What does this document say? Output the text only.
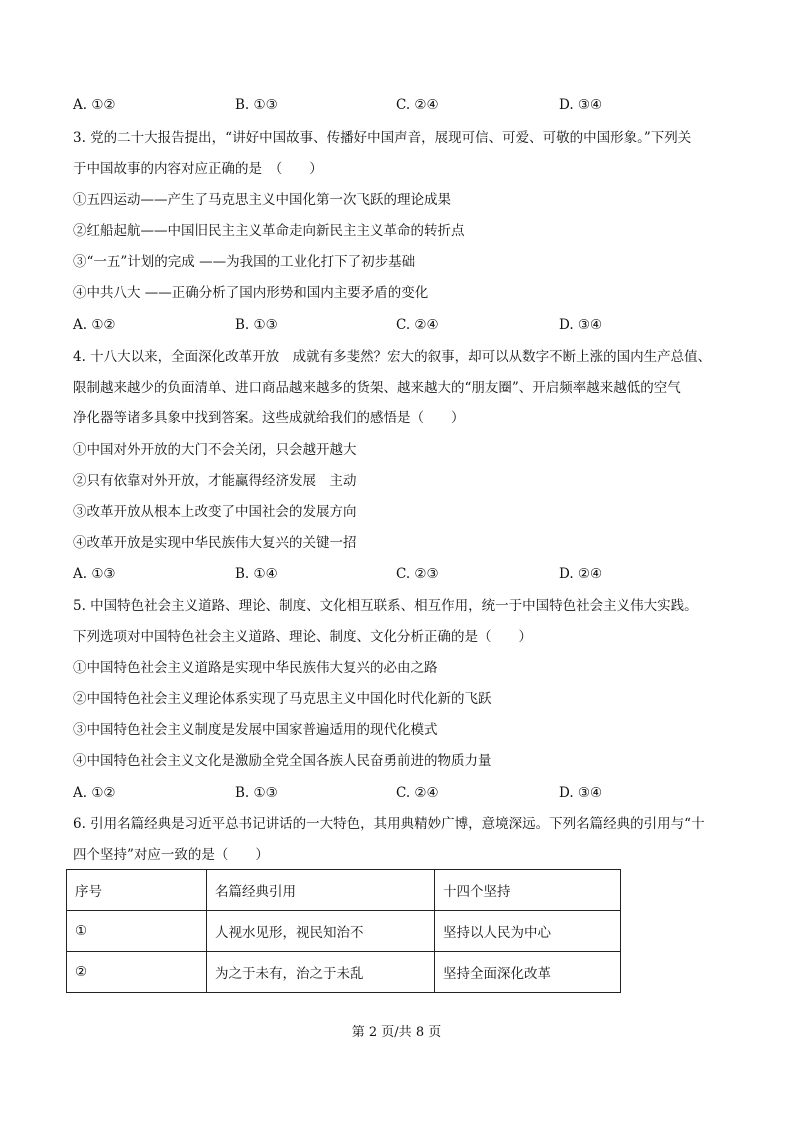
A. ①②	B. ①③	C. ②④	D. ③④
3. 党的二十大报告提出，“讲好中国故事、传播好中国声音，展现可信、可爱、可敬的中国形象。”下列关
于中国故事的内容对应正确的是　（　　）
①五四运动——产生了马克思主义中国化第一次飞跃的理论成果
②红船起航——中国旧民主主义革命走向新民主主义革命的转折点
③“一五”计划的完成 ——为我国的工业化打下了初步基础
④中共八大 ——正确分析了国内形势和国内主要矛盾的变化
A. ①②	B. ①③	C. ②④	D. ③④
4. 十八大以来，全面深化改革开放　成就有多斐然？宏大的叙事，却可以从数字不断上涨的国内生产总值、
限制越来越少的负面清单、进口商品越来越多的货架、越来越大的“朋友圈”、开启频率越来越低的空气
净化器等诸多具象中找到答案。这些成就给我们的感悟是（　　）
①中国对外开放的大门不会关闭，只会越开越大
②只有依靠对外开放，才能赢得经济发展　主动
③改革开放从根本上改变了中国社会的发展方向
④改革开放是实现中华民族伟大复兴的关键一招
A. ①③	B. ①④	C. ②③	D. ②④
5. 中国特色社会主义道路、理论、制度、文化相互联系、相互作用，统一于中国特色社会主义伟大实践。
下列选项对中国特色社会主义道路、理论、制度、文化分析正确的是（　　）
①中国特色社会主义道路是实现中华民族伟大复兴的必由之路
②中国特色社会主义理论体系实现了马克思主义中国化时代化新的飞跃
③中国特色社会主义制度是发展中国家普遍适用的现代化模式
④中国特色社会主义文化是激励全党全国各族人民奋勇前进的物质力量
A. ①②	B. ①③	C. ②④	D. ③④
6. 引用名篇经典是习近平总书记讲话的一大特色，其用典精妙广博，意境深远。下列名篇经典的引用与“十
四个坚持”对应一致的是（　　）
序号	名篇经典引用	十四个坚持
①	人视水见形，视民知治不	坚持以人民为中心
②	为之于未有，治之于未乱	坚持全面深化改革
第 2 页/共 8 页
